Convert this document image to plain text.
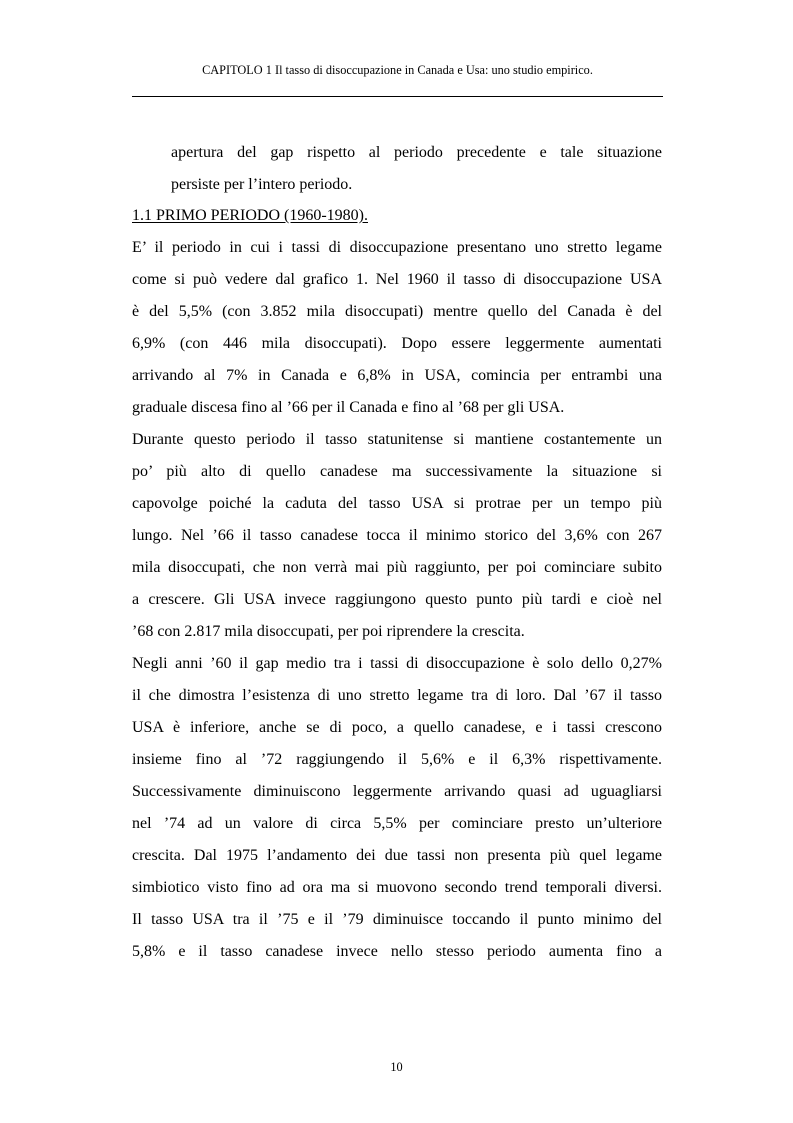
CAPITOLO 1 Il tasso di disoccupazione in Canada e Usa: uno studio empirico.
apertura del gap rispetto al periodo precedente e tale situazione
persiste per l’intero periodo.
1.1 PRIMO PERIODO (1960-1980).
E’ il periodo in cui i tassi di disoccupazione presentano uno stretto legame
come si può vedere dal grafico 1. Nel 1960 il tasso di disoccupazione USA
è del 5,5% (con 3.852 mila disoccupati) mentre quello del Canada è del
6,9% (con 446 mila disoccupati). Dopo essere leggermente aumentati
arrivando al 7% in Canada e 6,8% in USA, comincia per entrambi una
graduale discesa fino al ’66 per il Canada e fino al ’68 per gli USA.
Durante questo periodo il tasso statunitense si mantiene costantemente un
po’ più alto di quello canadese ma successivamente la situazione si
capovolge poiché la caduta del tasso USA si protrae per un tempo più
lungo. Nel ’66 il tasso canadese tocca il minimo storico del 3,6% con 267
mila disoccupati, che non verrà mai più raggiunto, per poi cominciare subito
a crescere. Gli USA invece raggiungono questo punto più tardi e cioè nel
’68 con 2.817 mila disoccupati, per poi riprendere la crescita.
Negli anni ’60 il gap medio tra i tassi di disoccupazione è solo dello 0,27%
il che dimostra l’esistenza di uno stretto legame tra di loro. Dal ’67 il tasso
USA è inferiore, anche se di poco, a quello canadese, e i tassi crescono
insieme fino al ’72 raggiungendo il 5,6% e il 6,3% rispettivamente.
Successivamente diminuiscono leggermente arrivando quasi ad uguagliarsi
nel ’74 ad un valore di circa 5,5% per cominciare presto un’ulteriore
crescita. Dal 1975 l’andamento dei due tassi non presenta più quel legame
simbiotico visto fino ad ora ma si muovono secondo trend temporali diversi.
Il tasso USA tra il ’75 e il ’79 diminuisce toccando il punto minimo del
5,8% e il tasso canadese invece nello stesso periodo aumenta fino a
10
